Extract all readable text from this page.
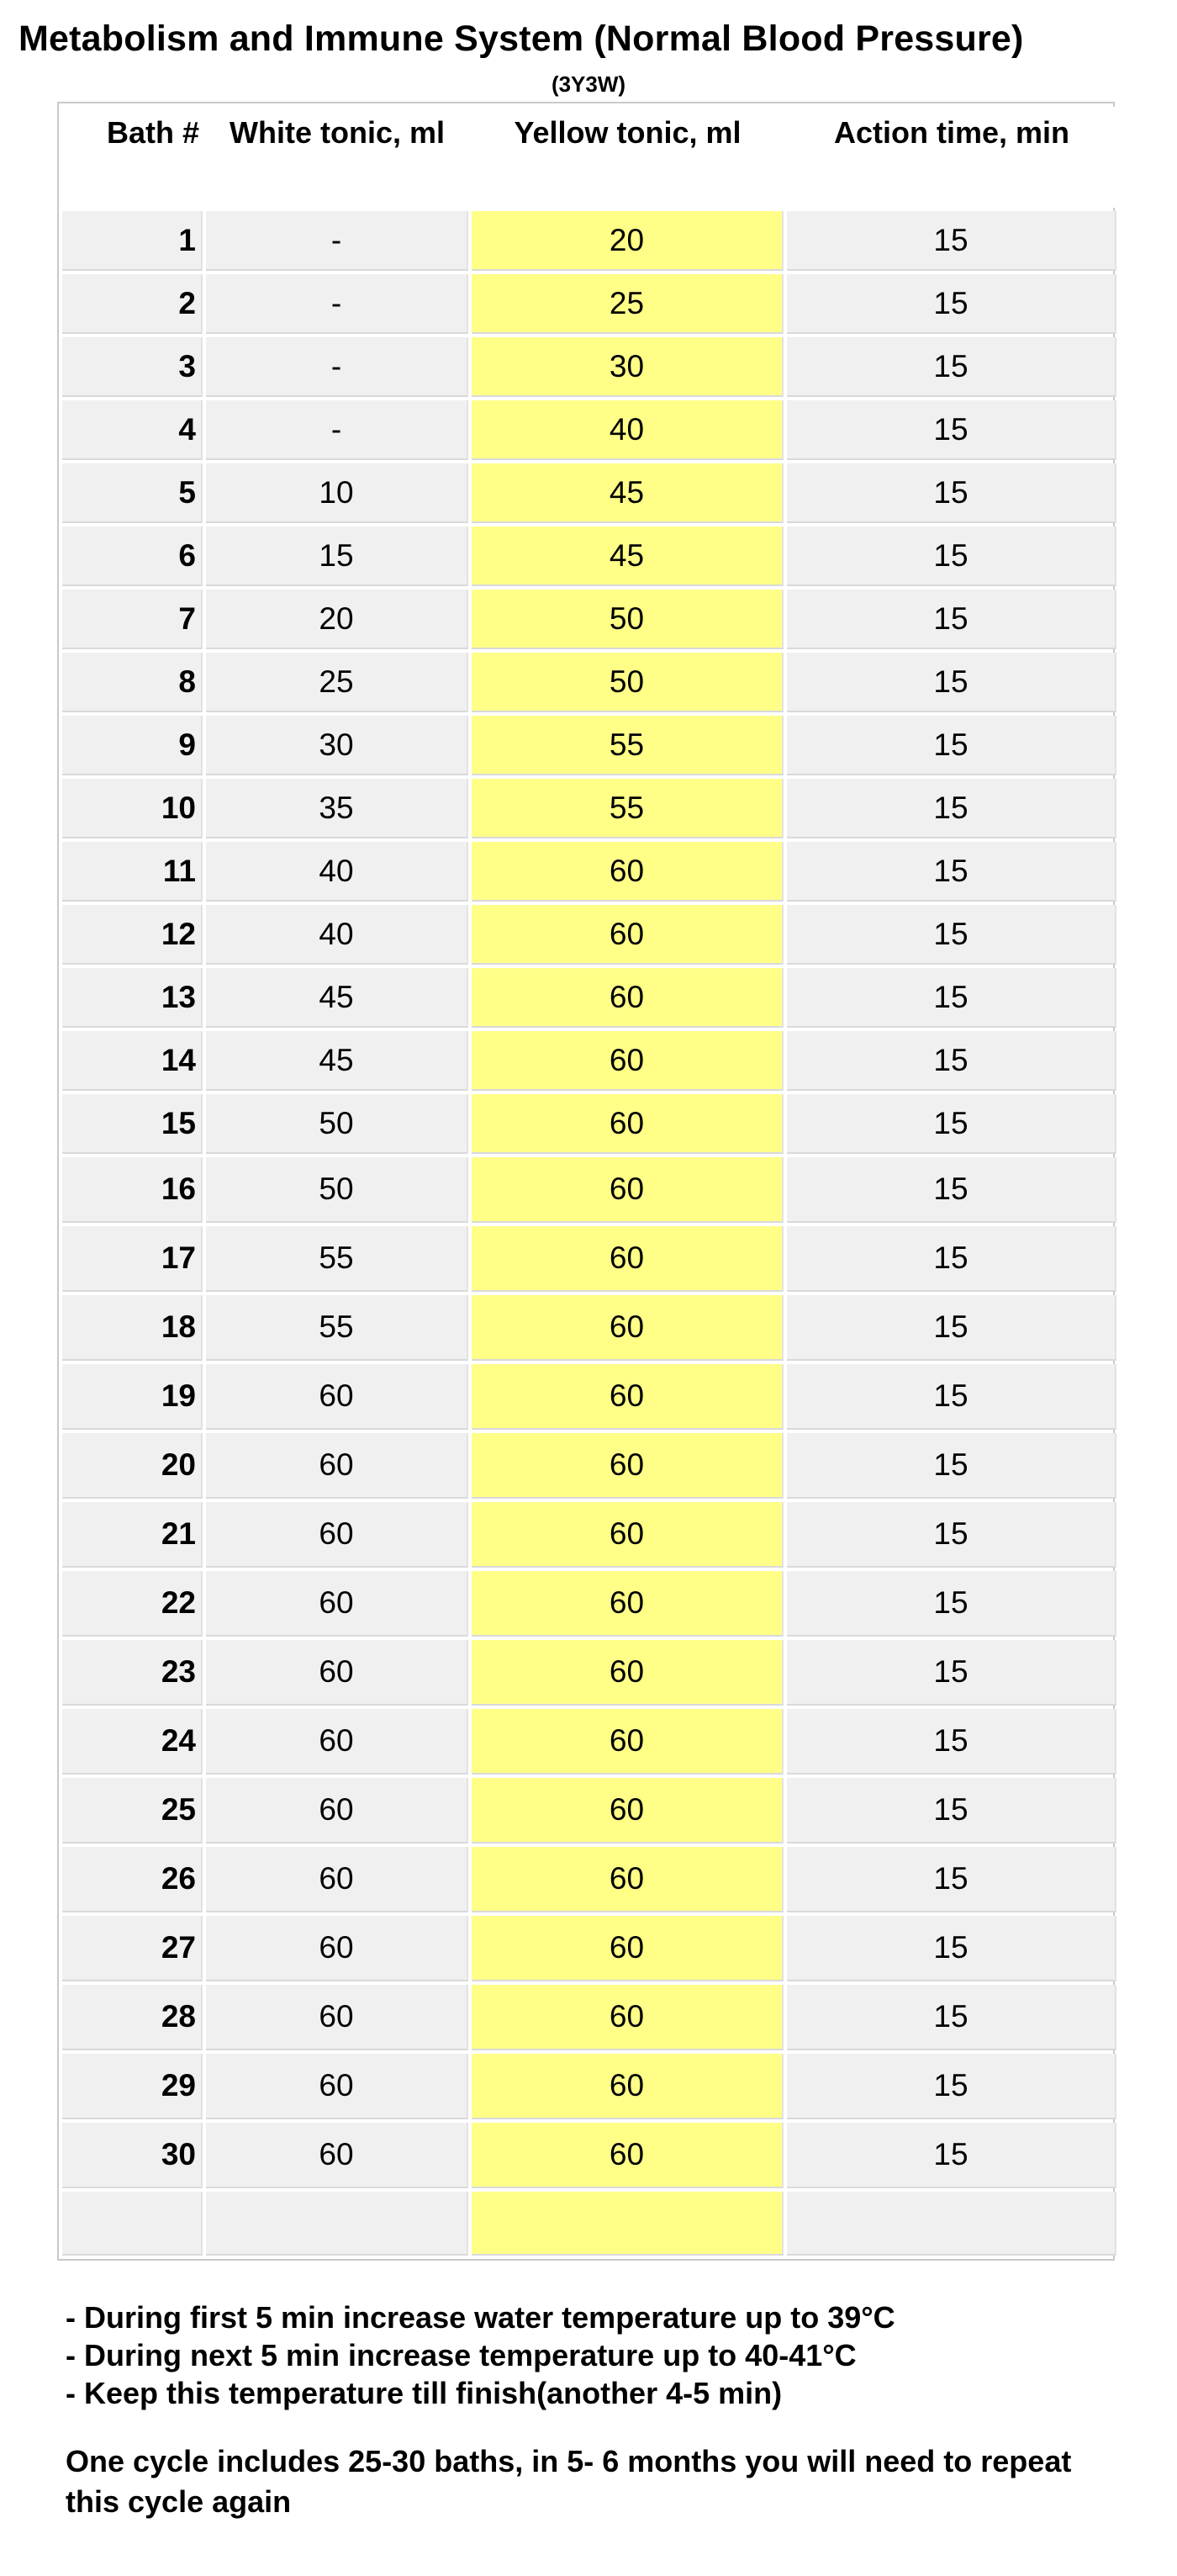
Metabolism and Immune System (Normal Blood Pressure)
(3Y3W)
Bath #	White tonic, ml	Yellow tonic, ml	Action time, min
1	-	20	15
2	-	25	15
3	-	30	15
4	-	40	15
5	10	45	15
6	15	45	15
7	20	50	15
8	25	50	15
9	30	55	15
10	35	55	15
11	40	60	15
12	40	60	15
13	45	60	15
14	45	60	15
15	50	60	15
16	50	60	15
17	55	60	15
18	55	60	15
19	60	60	15
20	60	60	15
21	60	60	15
22	60	60	15
23	60	60	15
24	60	60	15
25	60	60	15
26	60	60	15
27	60	60	15
28	60	60	15
29	60	60	15
30	60	60	15

- During first 5 min increase water temperature up to 39°C
- During next 5 min increase temperature up to 40-41°C
- Keep this temperature till finish(another 4-5 min)
One cycle includes 25-30 baths, in 5- 6 months you will need to repeat this cycle again
